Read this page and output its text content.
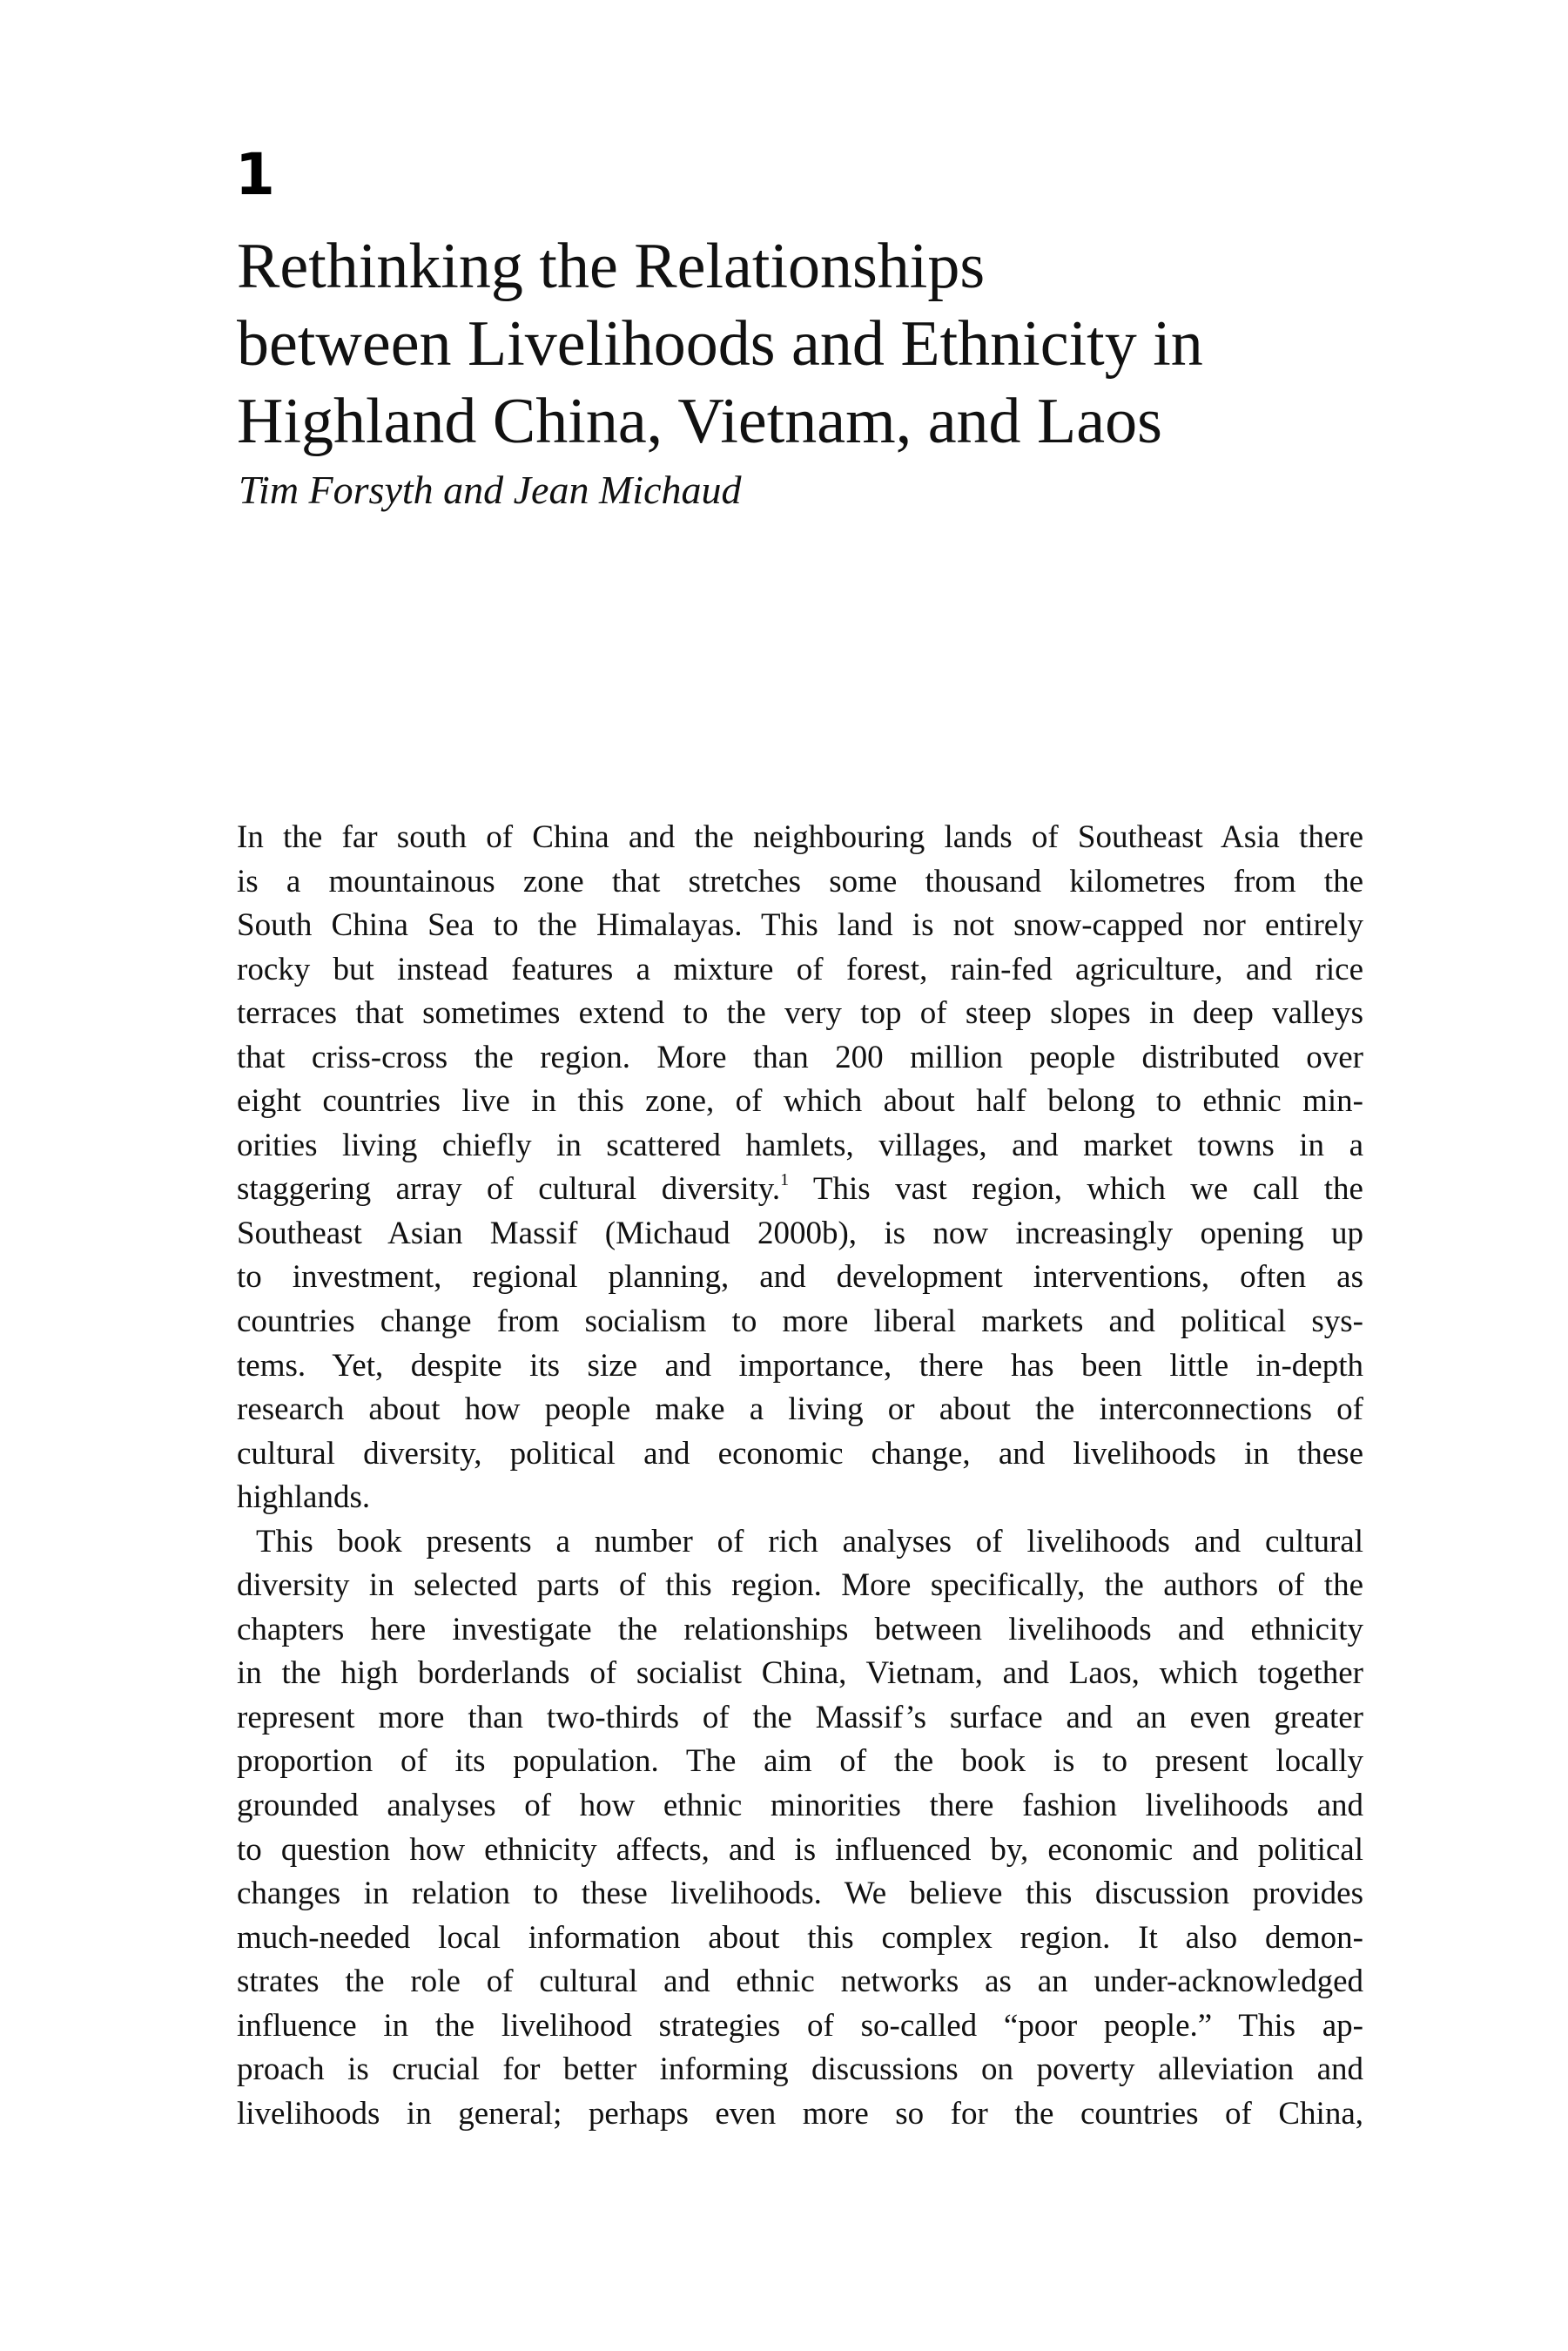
1
Rethinking the Relationships
between Livelihoods and Ethnicity in
Highland China, Vietnam, and Laos
Tim Forsyth and Jean Michaud
In the far south of China and the neighbouring lands of Southeast Asia there
is a mountainous zone that stretches some thousand kilometres from the
South China Sea to the Himalayas. This land is not snow-capped nor entirely
rocky but instead features a mixture of forest, rain-fed agriculture, and rice
terraces that sometimes extend to the very top of steep slopes in deep valleys
that criss-cross the region. More than 200 million people distributed over
eight countries live in this zone, of which about half belong to ethnic min-
orities living chiefly in scattered hamlets, villages, and market towns in a
staggering array of cultural diversity.$^1$ This vast region, which we call the
Southeast Asian Massif (Michaud 2000b), is now increasingly opening up
to investment, regional planning, and development interventions, often as
countries change from socialism to more liberal markets and political sys-
tems. Yet, despite its size and importance, there has been little in-depth
research about how people make a living or about the interconnections of
cultural diversity, political and economic change, and livelihoods in these
highlands.
This book presents a number of rich analyses of livelihoods and cultural
diversity in selected parts of this region. More specifically, the authors of the
chapters here investigate the relationships between livelihoods and ethnicity
in the high borderlands of socialist China, Vietnam, and Laos, which together
represent more than two-thirds of the Massif’s surface and an even greater
proportion of its population. The aim of the book is to present locally
grounded analyses of how ethnic minorities there fashion livelihoods and
to question how ethnicity affects, and is influenced by, economic and political
changes in relation to these livelihoods. We believe this discussion provides
much-needed local information about this complex region. It also demon-
strates the role of cultural and ethnic networks as an under-acknowledged
influence in the livelihood strategies of so-called “poor people.” This ap-
proach is crucial for better informing discussions on poverty alleviation and
livelihoods in general; perhaps even more so for the countries of China,
